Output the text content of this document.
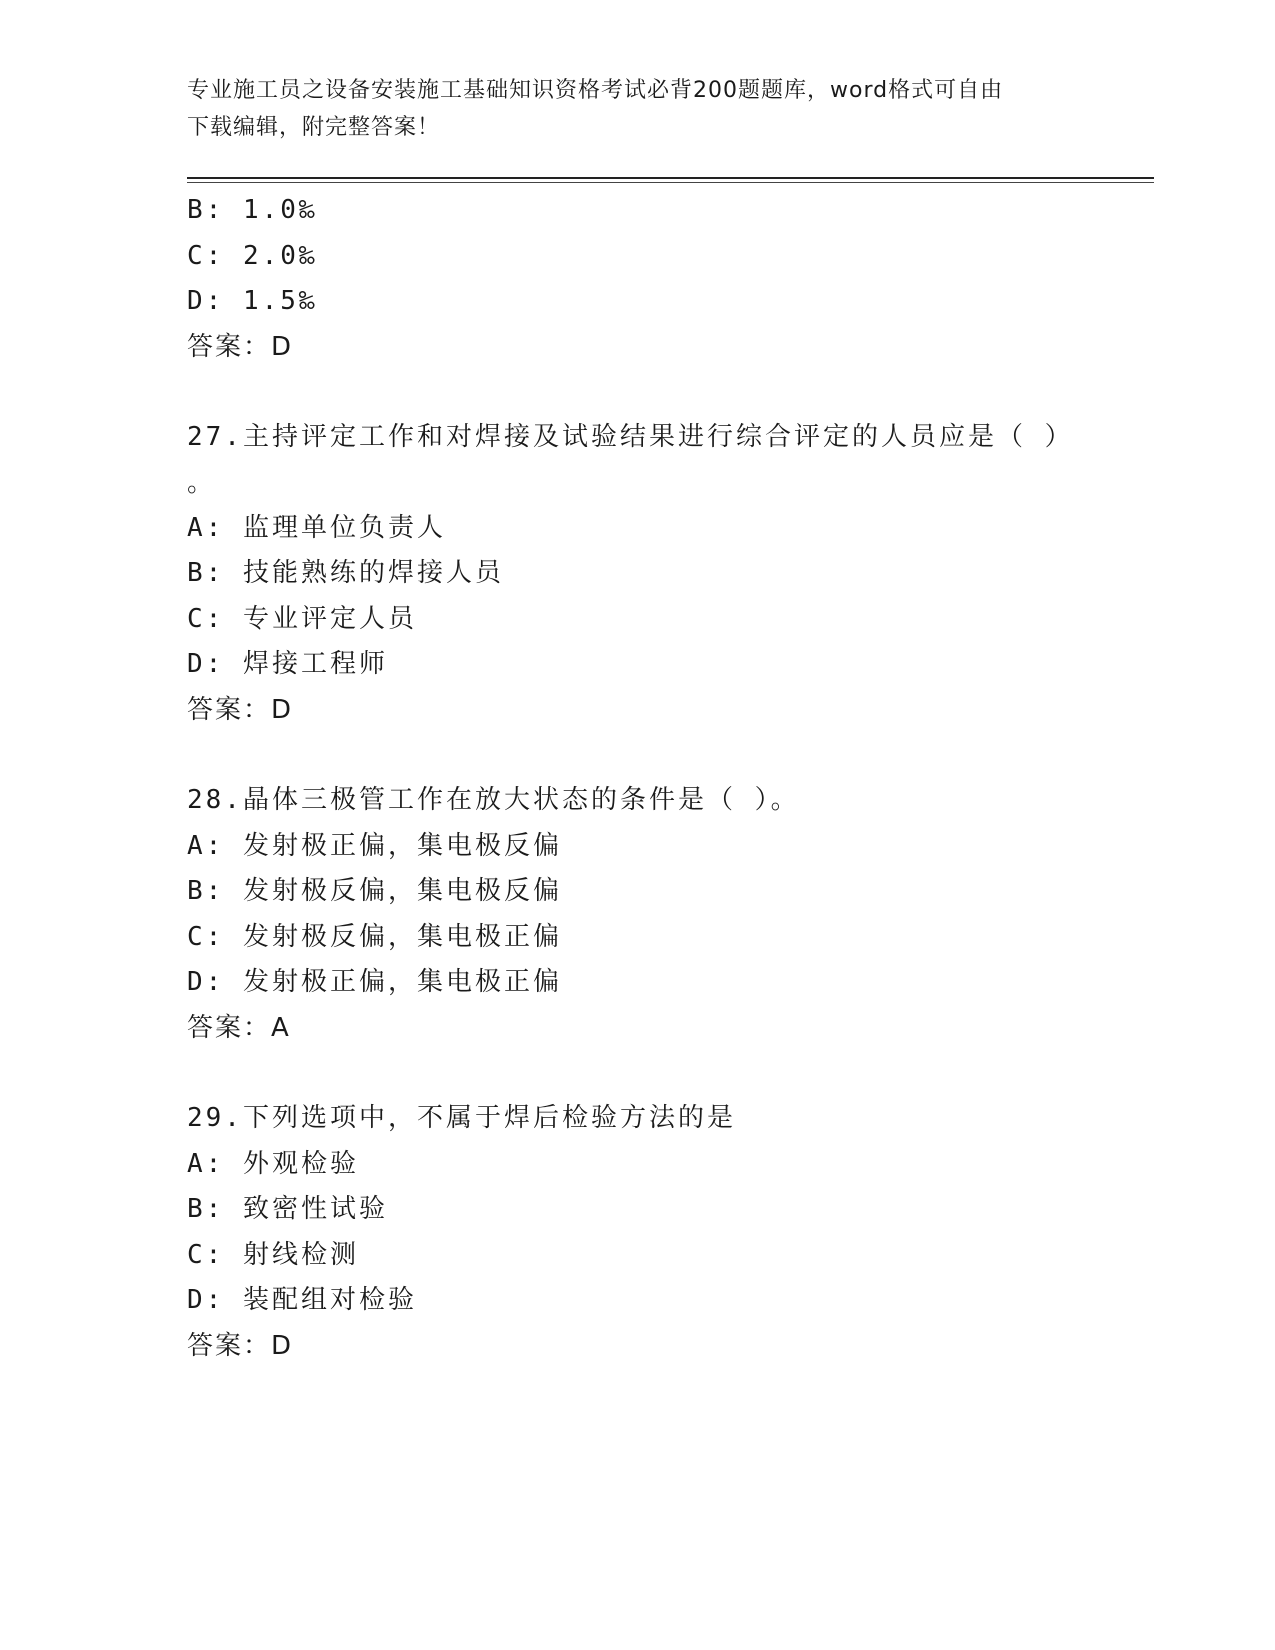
专业施工员之设备安装施工基础知识资格考试必背200题题库，word格式可自由
下载编辑，附完整答案！
B: 1.0‰
C: 2.0‰
D: 1.5‰
答案：D
27.主持评定工作和对焊接及试验结果进行综合评定的人员应是（ ）
。
A: 监理单位负责人
B: 技能熟练的焊接人员
C: 专业评定人员
D: 焊接工程师
答案：D
28.晶体三极管工作在放大状态的条件是（ ）。
A: 发射极正偏，集电极反偏
B: 发射极反偏，集电极反偏
C: 发射极反偏，集电极正偏
D: 发射极正偏，集电极正偏
答案：A
29.下列选项中，不属于焊后检验方法的是
A: 外观检验
B: 致密性试验
C: 射线检测
D: 装配组对检验
答案：D
